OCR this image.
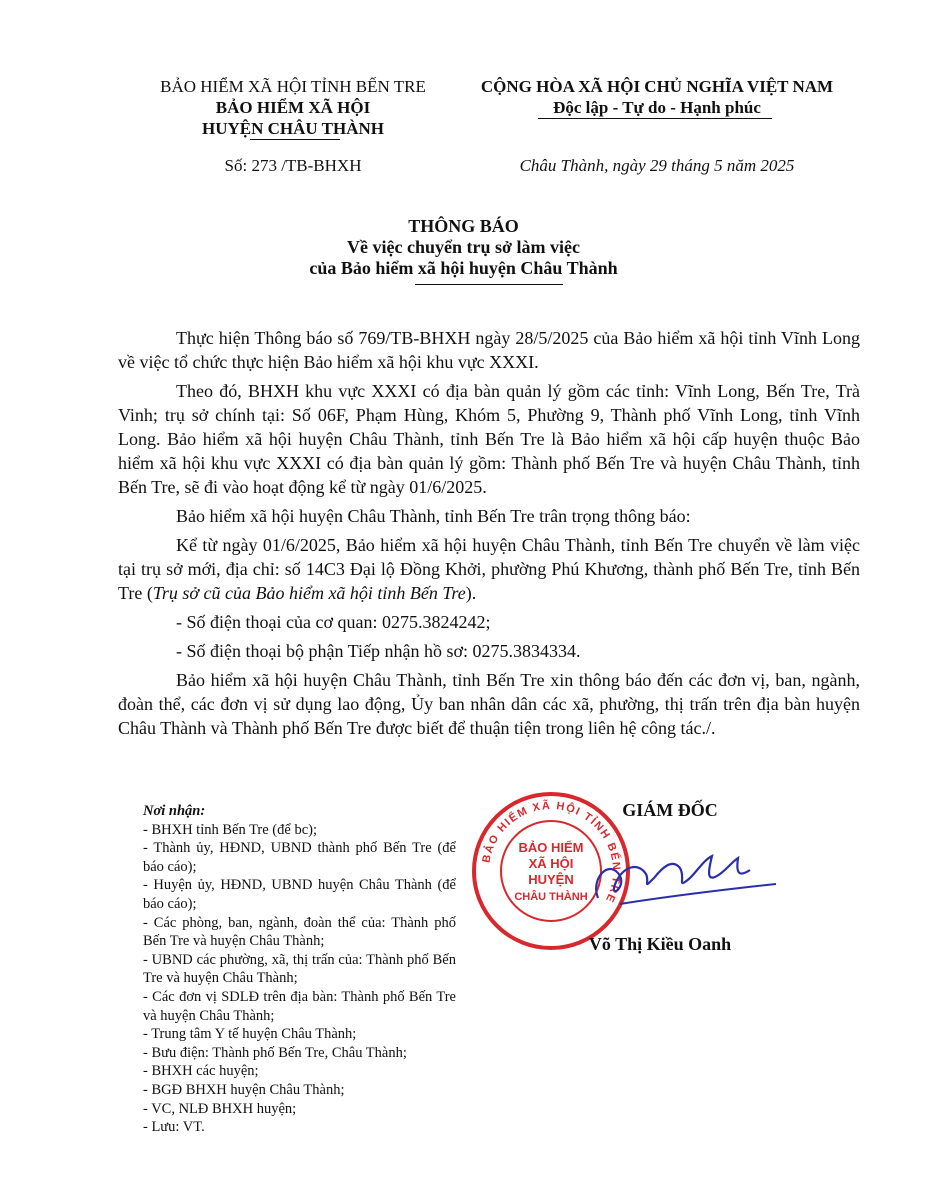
BẢO HIỂM XÃ HỘI TỈNH BẾN TRE
BẢO HIỂM XÃ HỘI
HUYỆN CHÂU THÀNH
CỘNG HÒA XÃ HỘI CHỦ NGHĨA VIỆT NAM
Độc lập - Tự do - Hạnh phúc
Số: 273 /TB-BHXH	Châu Thành, ngày 29 tháng 5 năm 2025
THÔNG BÁO
Về việc chuyển trụ sở làm việc
của Bảo hiểm xã hội huyện Châu Thành

Thực hiện Thông báo số 769/TB-BHXH ngày 28/5/2025 của Bảo hiểm xã hội tỉnh Vĩnh Long về việc tổ chức thực hiện Bảo hiểm xã hội khu vực XXXI.

Theo đó, BHXH khu vực XXXI có địa bàn quản lý gồm các tỉnh: Vĩnh Long, Bến Tre, Trà Vinh; trụ sở chính tại: Số 06F, Phạm Hùng, Khóm 5, Phường 9, Thành phố Vĩnh Long, tỉnh Vĩnh Long. Bảo hiểm xã hội huyện Châu Thành, tỉnh Bến Tre là Bảo hiểm xã hội cấp huyện thuộc Bảo hiểm xã hội khu vực XXXI có địa bàn quản lý gồm: Thành phố Bến Tre và huyện Châu Thành, tỉnh Bến Tre, sẽ đi vào hoạt động kể từ ngày 01/6/2025.

Bảo hiểm xã hội huyện Châu Thành, tỉnh Bến Tre trân trọng thông báo:

Kể từ ngày 01/6/2025, Bảo hiểm xã hội huyện Châu Thành, tỉnh Bến Tre chuyển về làm việc tại trụ sở mới, địa chỉ: số 14C3 Đại lộ Đồng Khởi, phường Phú Khương, thành phố Bến Tre, tỉnh Bến Tre (Trụ sở cũ của Bảo hiểm xã hội tỉnh Bến Tre).

- Số điện thoại của cơ quan: 0275.3824242;

- Số điện thoại bộ phận Tiếp nhận hồ sơ: 0275.3834334.

Bảo hiểm xã hội huyện Châu Thành, tỉnh Bến Tre xin thông báo đến các đơn vị, ban, ngành, đoàn thể, các đơn vị sử dụng lao động, Ủy ban nhân dân các xã, phường, thị trấn trên địa bàn huyện Châu Thành và Thành phố Bến Tre được biết để thuận tiện trong liên hệ công tác./.

Nơi nhận:
- BHXH tỉnh Bến Tre (để bc);
- Thành ủy, HĐND, UBND thành phố Bến Tre (để báo cáo);
- Huyện ủy, HĐND, UBND huyện Châu Thành (để báo cáo);
- Các phòng, ban, ngành, đoàn thể của: Thành phố Bến Tre và huyện Châu Thành;
- UBND các phường, xã, thị trấn của: Thành phố Bến Tre và huyện Châu Thành;
- Các đơn vị SDLĐ trên địa bàn: Thành phố Bến Tre và huyện Châu Thành;
- Trung tâm Y tế huyện Châu Thành;
- Bưu điện: Thành phố Bến Tre, Châu Thành;
- BHXH các huyện;
- BGĐ BHXH huyện Châu Thành;
- VC, NLĐ BHXH huyện;
- Lưu: VT.
BẢO HIỂM XÃ HỘI TỈNH BẾN TRE
BẢO HIỂM
XÃ HỘI
HUYỆN
CHÂU THÀNH
GIÁM ĐỐC
Võ Thị Kiều Oanh
